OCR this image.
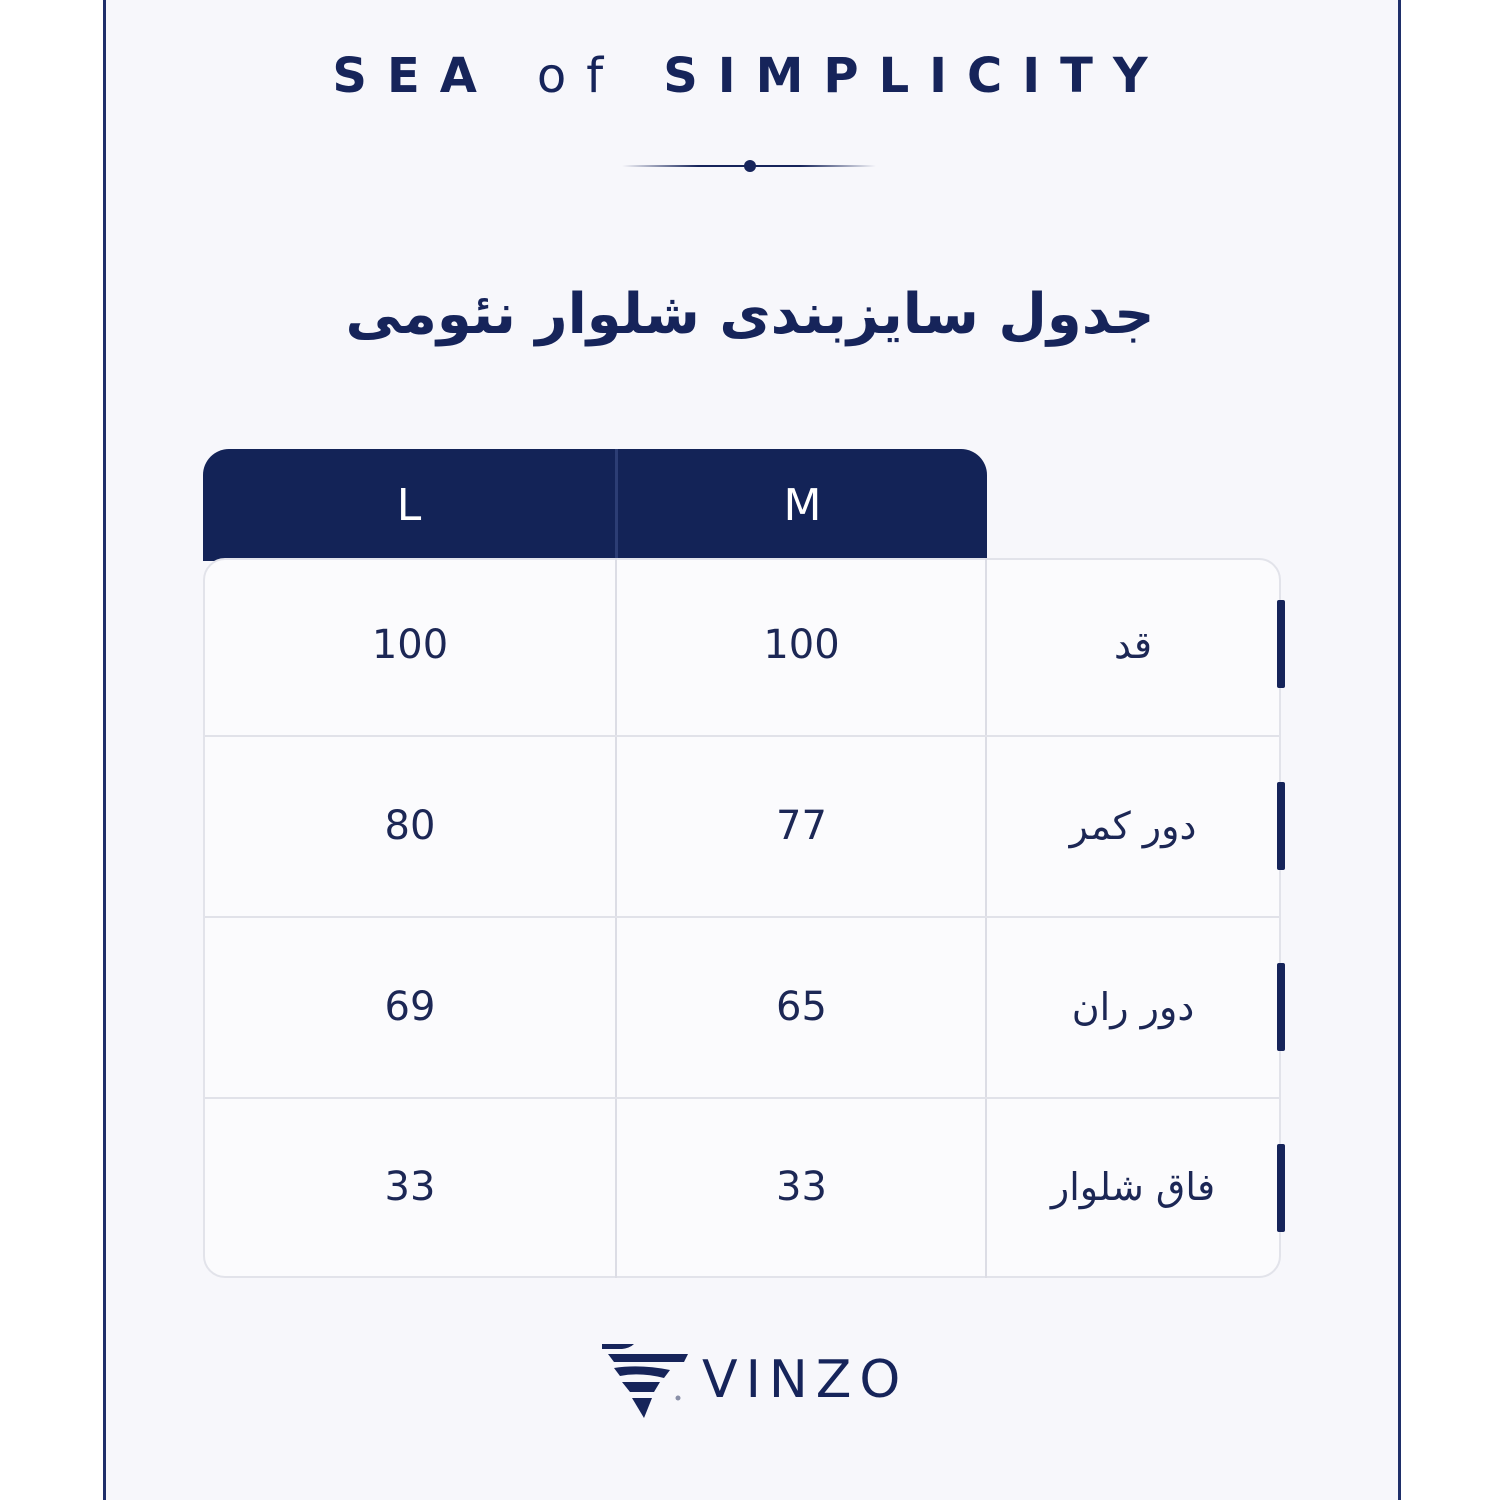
SEA of SIMPLICITY
جدول سایزبندی شلوار نئومی
L	M
100	100	قد
80	77	دور کمر
69	65	دور ران
33	33	فاق شلوار
VINZO
